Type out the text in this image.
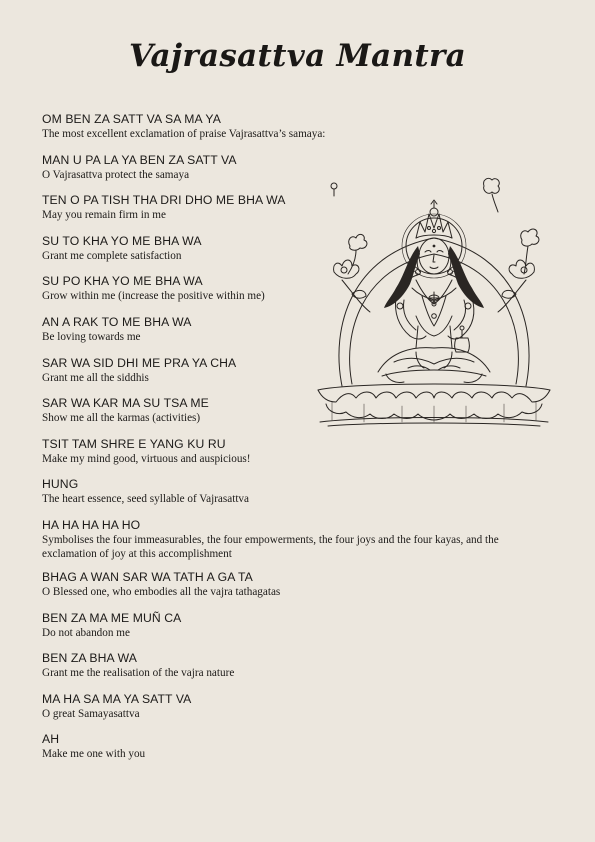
Vajrasattva Mantra
OM BEN ZA SATT VA SA MA YA
The most excellent exclamation of praise Vajrasattva’s samaya:
MAN U PA LA YA BEN ZA SATT VA
O Vajrasattva protect the samaya
TEN O PA TISH THA DRI DHO ME BHA WA
May you remain firm in me
SU TO KHA YO ME BHA WA
Grant me complete satisfaction
SU PO KHA YO ME BHA WA
Grow within me (increase the positive within me)
AN A RAK TO ME BHA WA
Be loving towards me
SAR WA SID DHI ME PRA YA CHA
Grant me all the siddhis
SAR WA KAR MA SU TSA ME
Show me all the karmas (activities)
TSIT TAM SHRE E YANG KU RU
Make my mind good, virtuous and auspicious!
HUNG
The heart essence, seed syllable of Vajrasattva
HA HA HA HA HO
Symbolises the four immeasurables, the four empowerments, the four joys and the four kayas, and the exclamation of joy at this accomplishment
BHAG A WAN SAR WA TATH A GA TA
O Blessed one, who embodies all the vajra tathagatas
BEN ZA MA ME MUÑ CA
Do not abandon me
BEN ZA BHA WA
Grant me the realisation of the vajra nature
MA HA SA MA YA SATT VA
O great Samayasattva
AH
Make me one with you
